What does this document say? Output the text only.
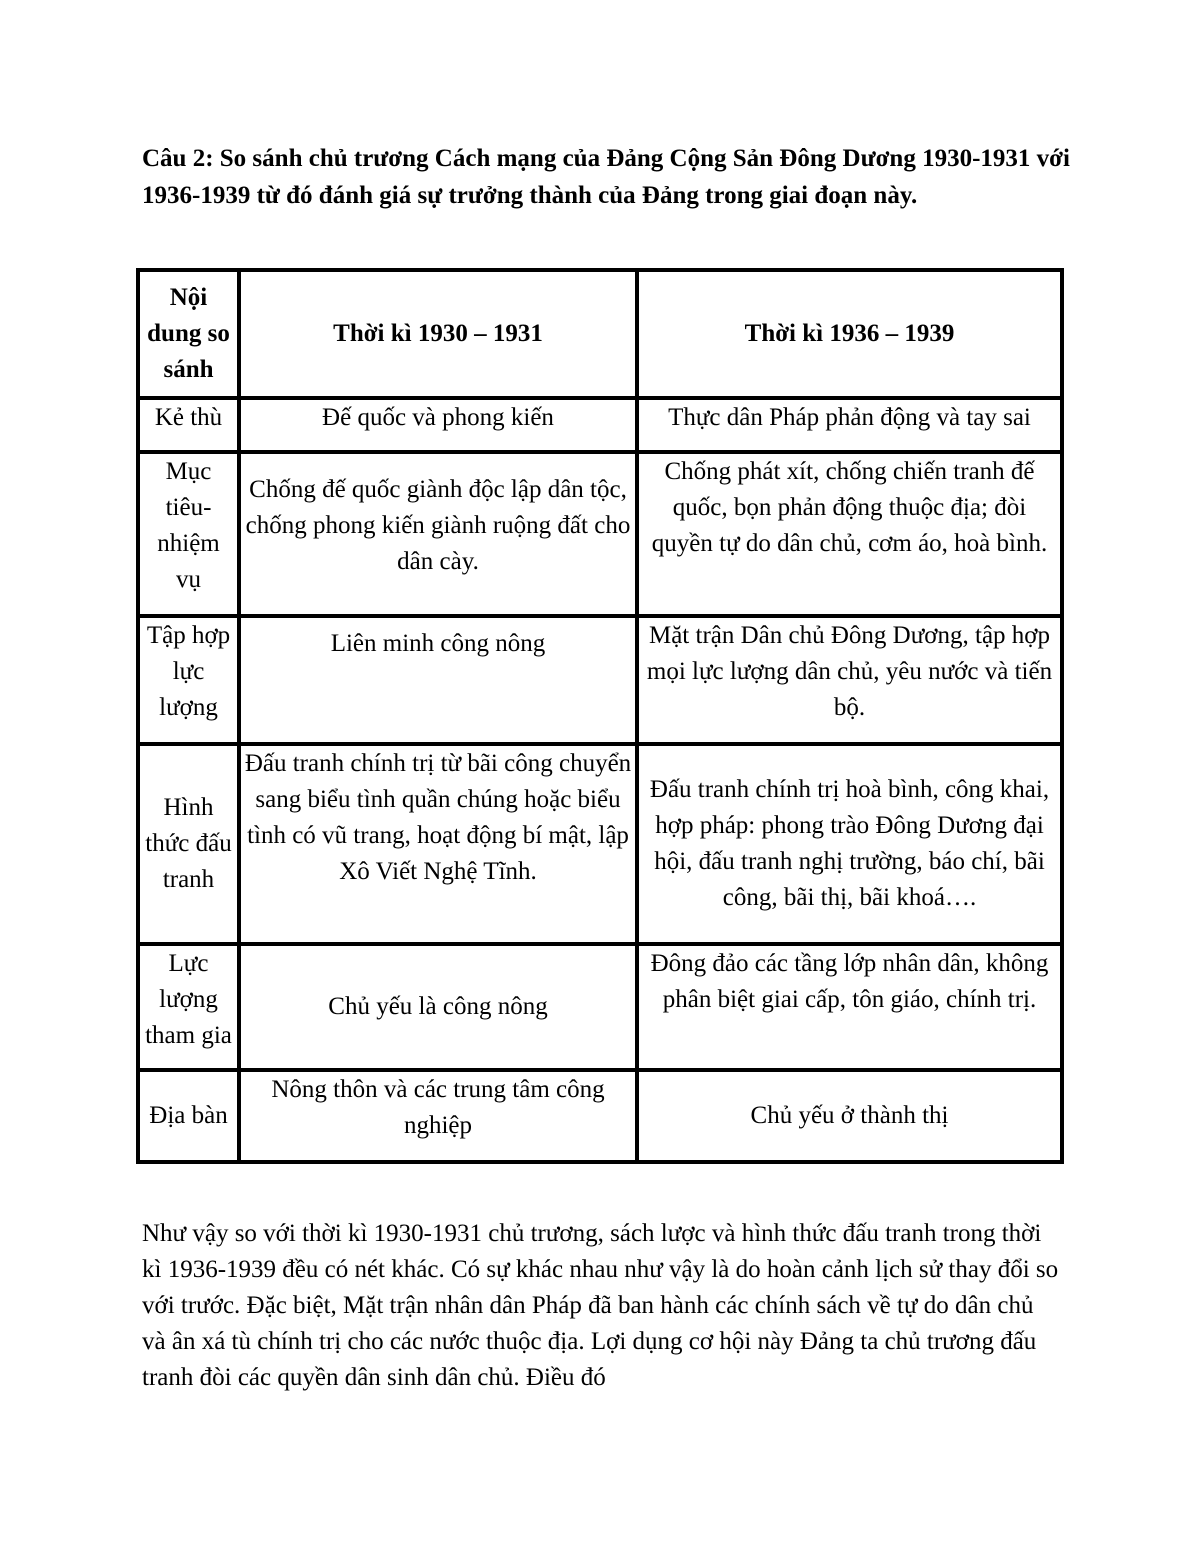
Câu 2: So sánh chủ trương Cách mạng của Đảng Cộng Sản Đông Dương 1930-1931 với 1936-1939 từ đó đánh giá sự trưởng thành của Đảng trong giai đoạn này.

Nội dung so sánh	Thời kì 1930 – 1931	Thời kì 1936 – 1939
Kẻ thù	Đế quốc và phong kiến	Thực dân Pháp phản động và tay sai
Mục tiêu-nhiệm vụ	Chống đế quốc giành độc lập dân tộc, chống phong kiến giành ruộng đất cho dân cày.	Chống phát xít, chống chiến tranh đế quốc, bọn phản động thuộc địa; đòi quyền tự do dân chủ, cơm áo, hoà bình.
Tập hợp lực lượng	Liên minh công nông	Mặt trận Dân chủ Đông Dương, tập hợp mọi lực lượng dân chủ, yêu nước và tiến bộ.
Hình thức đấu tranh	Đấu tranh chính trị từ bãi công chuyển sang biểu tình quần chúng hoặc biểu tình có vũ trang, hoạt động bí mật, lập Xô Viết Nghệ Tĩnh.	Đấu tranh chính trị hoà bình, công khai, hợp pháp: phong trào Đông Dương đại hội, đấu tranh nghị trường, báo chí, bãi công, bãi thị, bãi khoá….
Lực lượng tham gia	Chủ yếu là công nông	Đông đảo các tầng lớp nhân dân, không phân biệt giai cấp, tôn giáo, chính trị.
Địa bàn	Nông thôn và các trung tâm công nghiệp	Chủ yếu ở thành thị

Như vậy so với thời kì 1930-1931 chủ trương, sách lược và hình thức đấu tranh trong thời kì 1936-1939 đều có nét khác. Có sự khác nhau như vậy là do hoàn cảnh lịch sử thay đổi so với trước. Đặc biệt, Mặt trận nhân dân Pháp đã ban hành các chính sách về tự do dân chủ và ân xá tù chính trị cho các nước thuộc địa. Lợi dụng cơ hội này Đảng ta chủ trương đấu tranh đòi các quyền dân sinh dân chủ. Điều đó
